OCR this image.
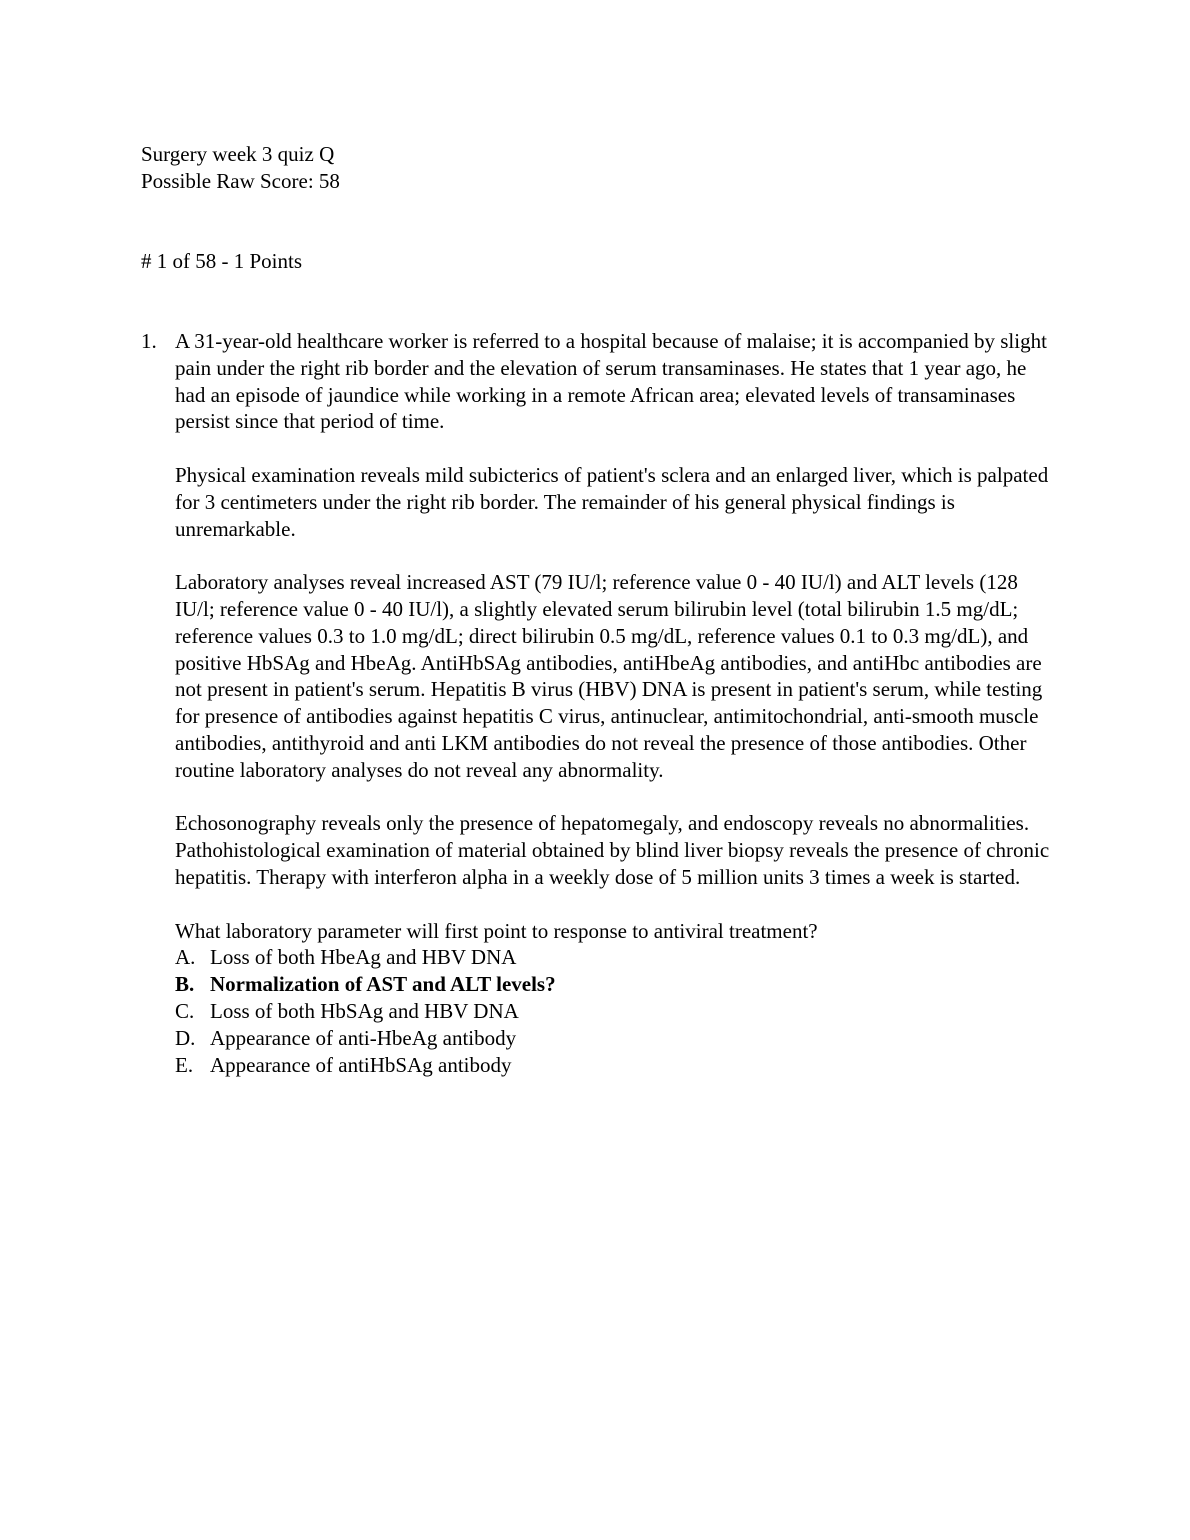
Surgery week 3 quiz Q
Possible Raw Score: 58
# 1 of 58 - 1 Points
1. A 31-year-old healthcare worker is referred to a hospital because of malaise; it is accompanied by slight pain under the right rib border and the elevation of serum transaminases. He states that 1 year ago, he had an episode of jaundice while working in a remote African area; elevated levels of transaminases persist since that period of time.

Physical examination reveals mild subicterics of patient's sclera and an enlarged liver, which is palpated for 3 centimeters under the right rib border. The remainder of his general physical findings is unremarkable.

Laboratory analyses reveal increased AST (79 IU/l; reference value 0 - 40 IU/l) and ALT levels (128 IU/l; reference value 0 - 40 IU/l), a slightly elevated serum bilirubin level (total bilirubin 1.5 mg/dL; reference values 0.3 to 1.0 mg/dL; direct bilirubin 0.5 mg/dL, reference values 0.1 to 0.3 mg/dL), and positive HbSAg and HbeAg. AntiHbSAg antibodies, antiHbeAg antibodies, and antiHbc antibodies are not present in patient's serum. Hepatitis B virus (HBV) DNA is present in patient's serum, while testing for presence of antibodies against hepatitis C virus, antinuclear, antimitochondrial, anti-smooth muscle antibodies, antithyroid and anti LKM antibodies do not reveal the presence of those antibodies. Other routine laboratory analyses do not reveal any abnormality.

Echosonography reveals only the presence of hepatomegaly, and endoscopy reveals no abnormalities. Pathohistological examination of material obtained by blind liver biopsy reveals the presence of chronic hepatitis. Therapy with interferon alpha in a weekly dose of 5 million units 3 times a week is started.

What laboratory parameter will first point to response to antiviral treatment?

A. Loss of both HbeAg and HBV DNA
B. Normalization of AST and ALT levels?
C. Loss of both HbSAg and HBV DNA
D. Appearance of anti-HbeAg antibody
E. Appearance of antiHbSAg antibody
